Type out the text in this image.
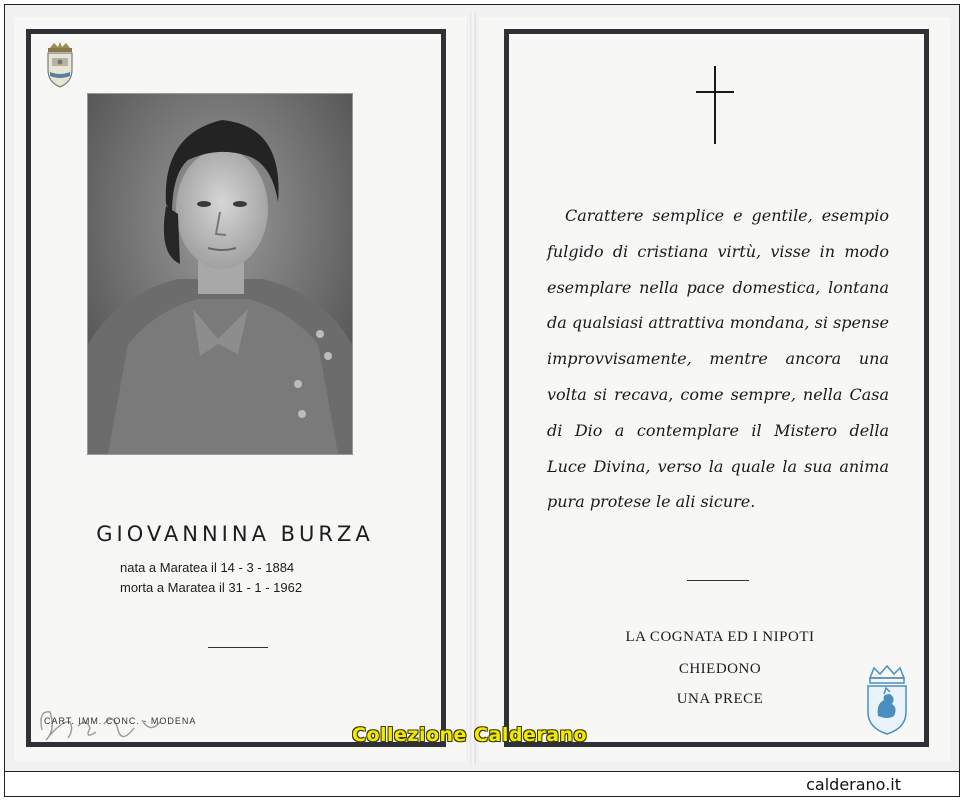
GIOVANNINA BURZA
nata a Maratea il 14 - 3 - 1884
morta a Maratea il 31 - 1 - 1962
CART. IMM. CONC. - MODENA

Carattere semplice e gentile, esempio fulgido di cristiana virtù, visse in modo esemplare nella pace domestica, lontana da qualsiasi attrattiva mondana, si spense improvvisamente, mentre ancora una volta si recava, come sempre, nella Casa di Dio a contemplare il Mistero della Luce Divina, verso la quale la sua anima pura protese le ali sicure.

LA COGNATA ED I NIPOTI
CHIEDONO
UNA PRECE
Collezione Calderano
calderano.it
